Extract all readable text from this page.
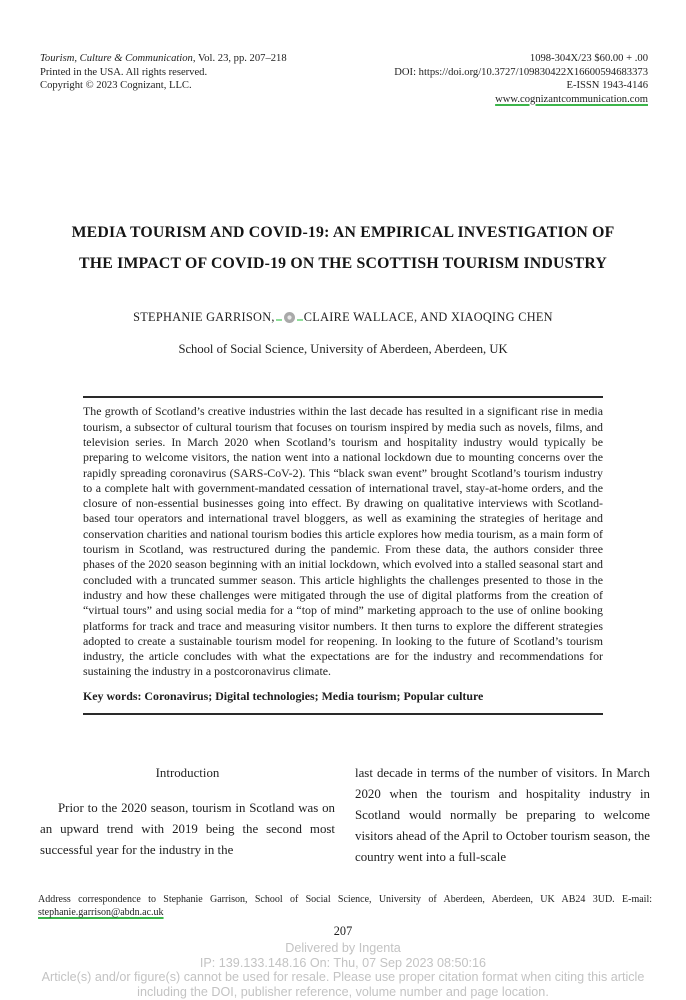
Tourism, Culture & Communication, Vol. 23, pp. 207–218
Printed in the USA. All rights reserved.
Copyright © 2023 Cognizant, LLC.
1098-304X/23 $60.00 + .00
DOI: https://doi.org/10.3727/109830422X16600594683373
E-ISSN 1943-4146
www.cognizantcommunication.com
MEDIA TOURISM AND COVID-19: AN EMPIRICAL INVESTIGATION OF
THE IMPACT OF COVID-19 ON THE SCOTTISH TOURISM INDUSTRY
STEPHANIE GARRISON, CLAIRE WALLACE, AND XIAOQING CHEN
School of Social Science, University of Aberdeen, Aberdeen, UK

The growth of Scotland’s creative industries within the last decade has resulted in a significant rise in media tourism, a subsector of cultural tourism that focuses on tourism inspired by media such as novels, films, and television series. In March 2020 when Scotland’s tourism and hospitality industry would typically be preparing to welcome visitors, the nation went into a national lockdown due to mounting concerns over the rapidly spreading coronavirus (SARS-CoV-2). This “black swan event” brought Scotland’s tourism industry to a complete halt with government-mandated cessation of international travel, stay-at-home orders, and the closure of non-essential businesses going into effect. By drawing on qualitative interviews with Scotland-based tour operators and international travel bloggers, as well as examining the strategies of heritage and conservation charities and national tourism bodies this article explores how media tourism, as a main form of tourism in Scotland, was restructured during the pandemic. From these data, the authors consider three phases of the 2020 season beginning with an initial lockdown, which evolved into a stalled seasonal start and concluded with a truncated summer season. This article highlights the challenges presented to those in the industry and how these challenges were mitigated through the use of digital platforms from the creation of “virtual tours” and using social media for a “top of mind” marketing approach to the use of online booking platforms for track and trace and measuring visitor numbers. It then turns to explore the different strategies adopted to create a sustainable tourism model for reopening. In looking to the future of Scotland’s tourism industry, the article concludes with what the expectations are for the industry and recommendations for sustaining the industry in a postcoronavirus climate.

Key words: Coronavirus; Digital technologies; Media tourism; Popular culture

Introduction

Prior to the 2020 season, tourism in Scotland was on an upward trend with 2019 being the second most successful year for the industry in the

last decade in terms of the number of visitors. In March 2020 when the tourism and hospitality industry in Scotland would normally be preparing to welcome visitors ahead of the April to October tourism season, the country went into a full-scale

Address correspondence to Stephanie Garrison, School of Social Science, University of Aberdeen, Aberdeen, UK AB24 3UD. E-mail: stephanie.garrison@abdn.ac.uk
207
Delivered by Ingenta
IP: 139.133.148.16 On: Thu, 07 Sep 2023 08:50:16
Article(s) and/or figure(s) cannot be used for resale. Please use proper citation format when citing this article
including the DOI, publisher reference, volume number and page location.
